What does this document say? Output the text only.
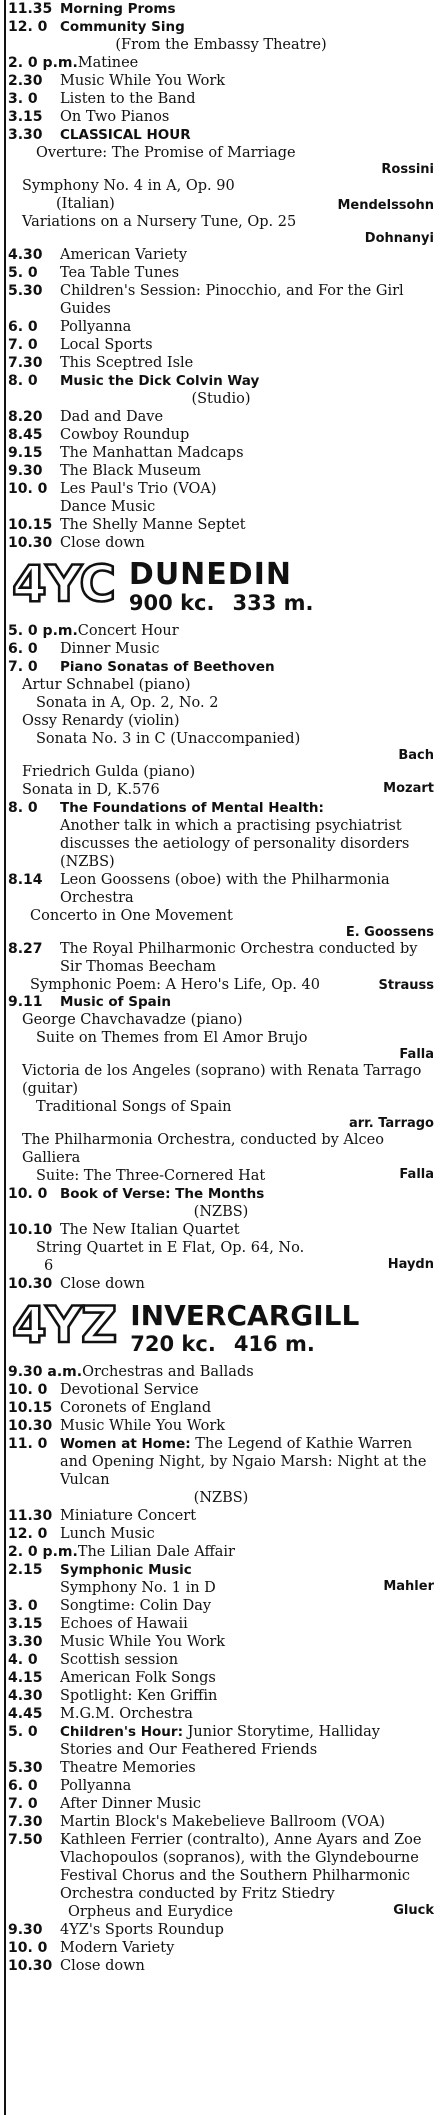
11.35 Morning Proms
12. 0 Community Sing
(From the Embassy Theatre)
2. 0 p.m. Matinee
2.30	Music While You Work
3. 0	Listen to the Band
3.15	On Two Pianos
3.30	CLASSICAL HOUR
Overture: The Promise of Marriage
Rossini
Symphony No. 4 in A, Op. 90
(Italian)	Mendelssohn
Variations on a Nursery Tune, Op. 25
Dohnanyi
4.30	American Variety
5. 0	Tea Table Tunes
5.30	Children's Session: Pinocchio, and For the Girl Guides
6. 0	Pollyanna
7. 0	Local Sports
7.30	This Sceptred Isle
8. 0	Music the Dick Colvin Way
(Studio)
8.20	Dad and Dave
8.45	Cowboy Roundup
9.15	The Manhattan Madcaps
9.30	The Black Museum
10. 0 Les Paul's Trio (VOA)
Dance Music
10.15 The Shelly Manne Septet
10.30 Close down
4YC DUNEDIN
900 kc. 333 m.
5. 0 p.m. Concert Hour
6. 0	Dinner Music
7. 0	Piano Sonatas of Beethoven
Artur Schnabel (piano)
Sonata in A, Op. 2, No. 2
Ossy Renardy (violin)
Sonata No. 3 in C (Unaccompanied)
Bach
Friedrich Gulda (piano)
Sonata in D, K.576	Mozart
8. 0	The Foundations of Mental Health:
Another talk in which a practising psychiatrist discusses the aetiology of personality disorders (NZBS)
8.14	Leon Goossens (oboe) with the Philharmonia Orchestra
Concerto in One Movement
E. Goossens
8.27	The Royal Philharmonic Orchestra conducted by Sir Thomas Beecham
Symphonic Poem: A Hero's Life, Op. 40	Strauss
9.11	Music of Spain
George Chavchavadze (piano)
Suite on Themes from El Amor Brujo
Falla
Victoria de los Angeles (soprano) with Renata Tarrago (guitar)
Traditional Songs of Spain
arr. Tarrago
The Philharmonia Orchestra, conducted by Alceo Galliera
Suite: The Three-Cornered Hat	Falla
10. 0 Book of Verse: The Months
(NZBS)
10.10 The New Italian Quartet
String Quartet in E Flat, Op. 64, No.
6	Haydn
10.30 Close down
4YZ INVERCARGILL
720 kc. 416 m.
9.30 a.m. Orchestras and Ballads
10. 0 Devotional Service
10.15 Coronets of England
10.30 Music While You Work
11. 0 Women at Home: The Legend of Kathie Warren and Opening Night, by Ngaio Marsh: Night at the Vulcan
(NZBS)
11.30 Miniature Concert
12. 0 Lunch Music
2. 0 p.m. The Lilian Dale Affair
2.15	Symphonic Music
Symphony No. 1 in D	Mahler
3. 0	Songtime: Colin Day
3.15	Echoes of Hawaii
3.30	Music While You Work
4. 0	Scottish session
4.15	American Folk Songs
4.30	Spotlight: Ken Griffin
4.45	M.G.M. Orchestra
5. 0	Children's Hour: Junior Storytime, Halliday Stories and Our Feathered Friends
5.30	Theatre Memories
6. 0	Pollyanna
7. 0	After Dinner Music
7.30	Martin Block's Makebelieve Ballroom (VOA)
7.50	Kathleen Ferrier (contralto), Anne Ayars and Zoe Vlachopoulos (sopranos), with the Glyndebourne Festival Chorus and the Southern Philharmonic Orchestra conducted by Fritz Stiedry
Orpheus and Eurydice	Gluck
9.30	4YZ's Sports Roundup
10. 0 Modern Variety
10.30 Close down
